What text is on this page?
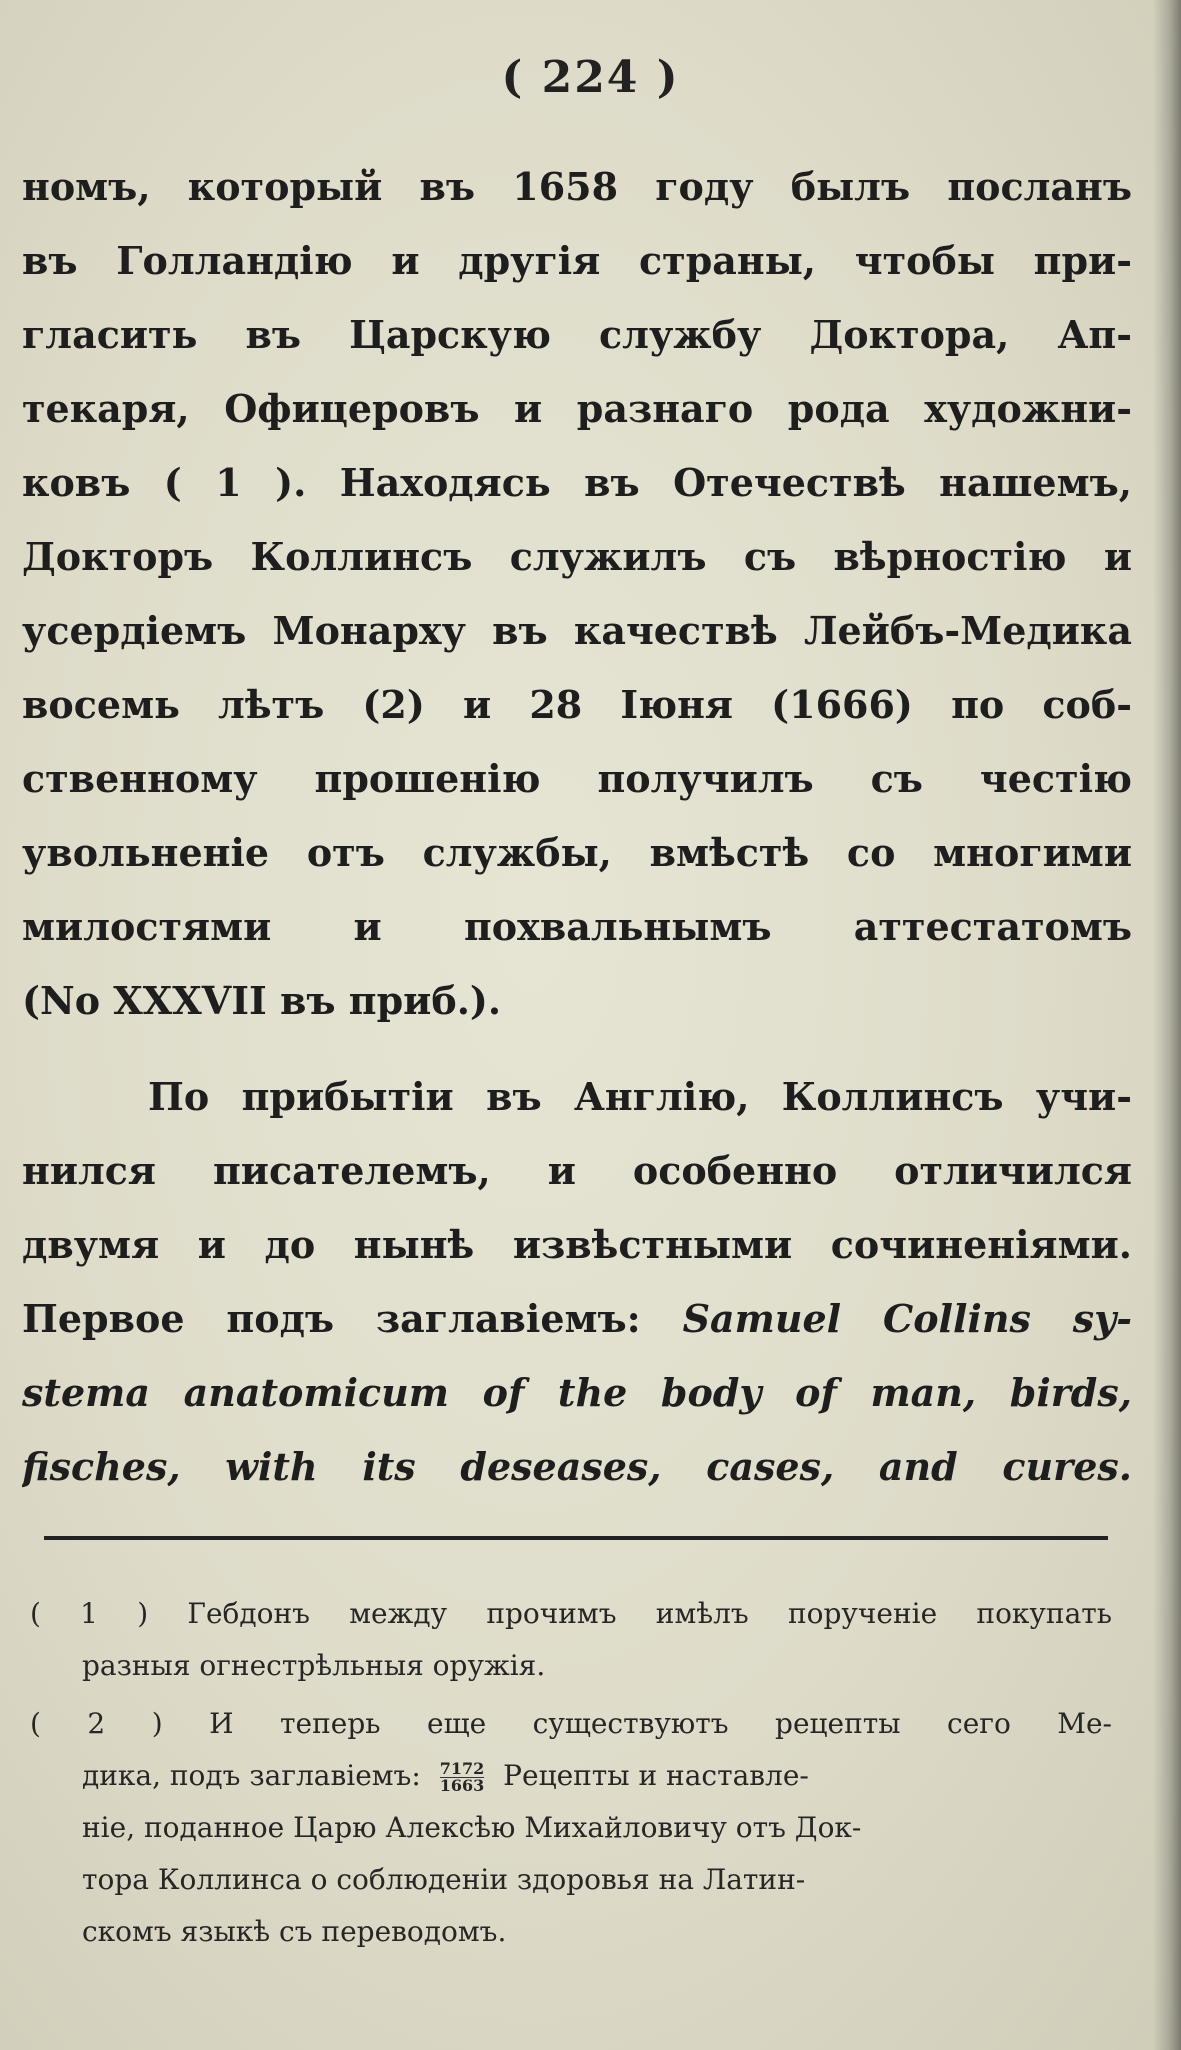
( 224 )
номъ, который въ 1658 году былъ посланъ
въ Голландію и другія страны, чтобы при-
гласить въ Царскую службу Доктора, Ап-
текаря, Офицеровъ и разнаго рода художни-
ковъ ( 1 ). Находясь въ Отечествѣ нашемъ,
Докторъ Коллинсъ служилъ съ вѣрностію и
усердіемъ Монарху въ качествѣ Лейбъ-Медика
восемь лѣтъ (2) и 28 Іюня (1666) по соб-
ственному прошенію получилъ съ честію
увольненіе отъ службы, вмѣстѣ со многими
милостями и похвальнымъ аттестатомъ
(No XXXVII въ приб.).
По прибытіи въ Англію, Коллинсъ учи-
нился писателемъ, и особенно отличился
двумя и до нынѣ извѣстными сочиненіями.
Первое подъ заглавіемъ: Samuel Collins sy-
stema anatomicum of the body of man, birds,
fisches, with its deseases, cases, and cures.
( 1 ) Гебдонъ между прочимъ имѣлъ порученіе покупать
разныя огнестрѣльныя оружія.
( 2 ) И теперь еще существуютъ рецепты сего Ме-
дика, подъ заглавіемъ: $\frac{7172}{1663}$ Рецепты и наставле-
ніе, поданное Царю Алексѣю Михайловичу отъ Док-
тора Коллинса о соблюденіи здоровья на Латин-
скомъ языкѣ съ переводомъ.
